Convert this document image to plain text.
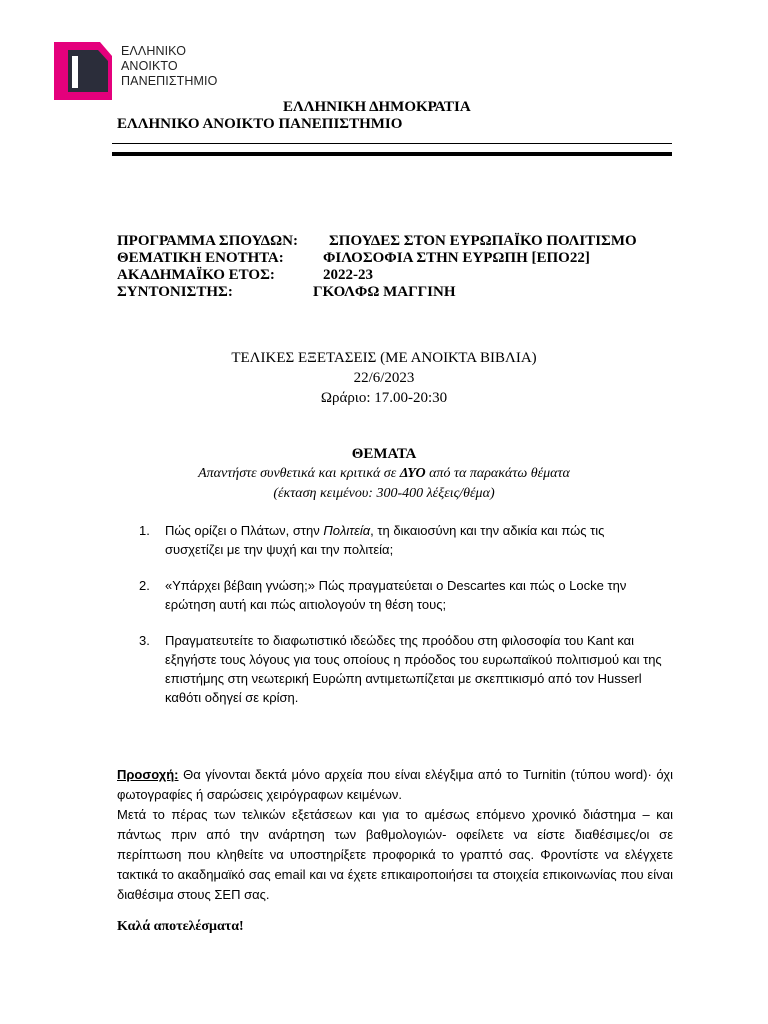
ΕΛΛΗΝΙΚΟ
ΑΝΟΙΚΤΟ
ΠΑΝΕΠΙΣΤΗΜΙΟ
ΕΛΛΗΝΙΚΗ ΔΗΜΟΚΡΑΤΙΑ
ΕΛΛΗΝΙΚΟ ΑΝΟΙΚΤΟ ΠΑΝΕΠΙΣΤΗΜΙΟ
ΠΡΟΓΡΑΜΜΑ ΣΠΟΥΔΩΝ: ΣΠΟΥΔΕΣ ΣΤΟΝ ΕΥΡΩΠΑΪΚΟ ΠΟΛΙΤΙΣΜΟ
ΘΕΜΑΤΙΚΗ ΕΝΟΤΗΤΑ:	ΦΙΛΟΣΟΦΙΑ ΣΤΗΝ ΕΥΡΩΠΗ [ΕΠΟ22]
ΑΚΑΔΗΜΑΪΚΟ ΕΤΟΣ:	2022-23
ΣΥΝΤΟΝΙΣΤΗΣ:	ΓΚΟΛΦΩ ΜΑΓΓΙΝΗ
ΤΕΛΙΚΕΣ ΕΞΕΤΑΣΕΙΣ (ΜΕ ΑΝΟΙΚΤΑ ΒΙΒΛΙΑ)
22/6/2023
Ωράριο: 17.00-20:30
ΘΕΜΑΤΑ
Απαντήστε συνθετικά και κριτικά σε ΔΥΟ από τα παρακάτω θέματα
(έκταση κειμένου: 300-400 λέξεις/θέμα)
1. Πώς ορίζει ο Πλάτων, στην Πολιτεία, τη δικαιοσύνη και την αδικία και πώς τις συσχετίζει με την ψυχή και την πολιτεία;
2. «Υπάρχει βέβαιη γνώση;» Πώς πραγματεύεται ο Descartes και πώς ο Locke την ερώτηση αυτή και πώς αιτιολογούν τη θέση τους;
3. Πραγματευτείτε το διαφωτιστικό ιδεώδες της προόδου στη φιλοσοφία του Kant και εξηγήστε τους λόγους για τους οποίους η πρόοδος του ευρωπαϊκού πολιτισμού και της επιστήμης στη νεωτερική Ευρώπη αντιμετωπίζεται με σκεπτικισμό από τον Husserl καθότι οδηγεί σε κρίση.

Προσοχή: Θα γίνονται δεκτά μόνο αρχεία που είναι ελέγξιμα από το Turnitin (τύπου word)· όχι φωτογραφίες ή σαρώσεις χειρόγραφων κειμένων.

Μετά το πέρας των τελικών εξετάσεων και για το αμέσως επόμενο χρονικό διάστημα – και πάντως πριν από την ανάρτηση των βαθμολογιών- οφείλετε να είστε διαθέσιμες/οι σε περίπτωση που κληθείτε να υποστηρίξετε προφορικά το γραπτό σας. Φροντίστε να ελέγχετε τακτικά το ακαδημαϊκό σας email και να έχετε επικαιροποιήσει τα στοιχεία επικοινωνίας που είναι διαθέσιμα στους ΣΕΠ σας.

Καλά αποτελέσματα!
